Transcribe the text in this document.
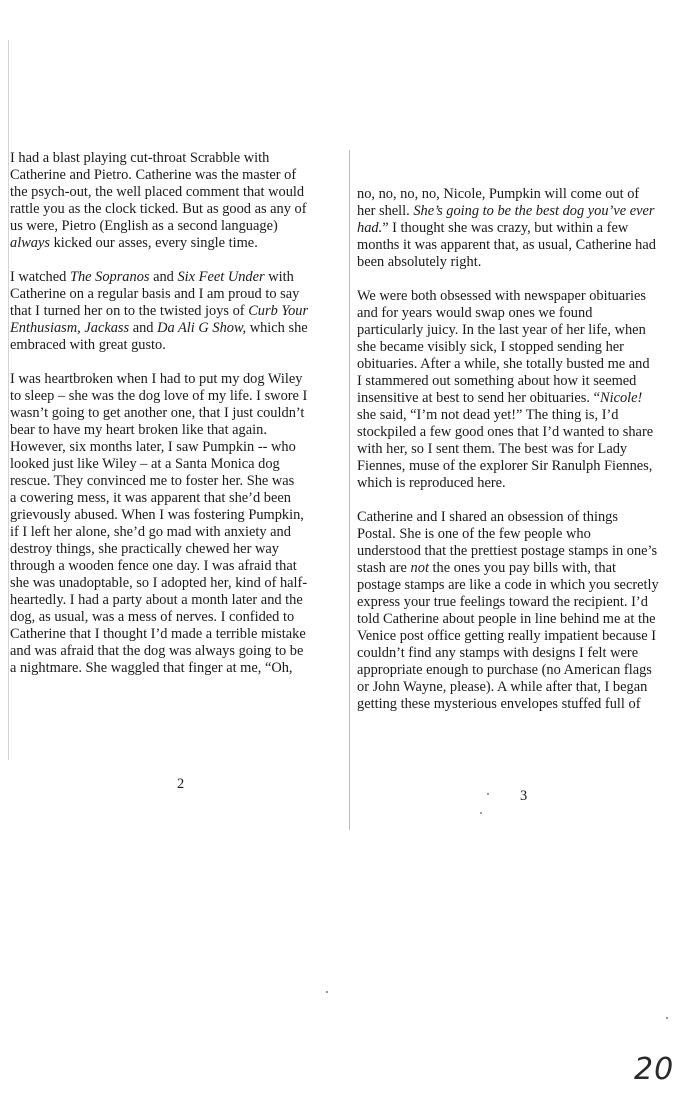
I had a blast playing cut-throat Scrabble with
Catherine and Pietro. Catherine was the master of
the psych-out, the well placed comment that would
rattle you as the clock ticked. But as good as any of
us were, Pietro (English as a second language)
always kicked our asses, every single time.
I watched The Sopranos and Six Feet Under with
Catherine on a regular basis and I am proud to say
that I turned her on to the twisted joys of Curb Your
Enthusiasm, Jackass and Da Ali G Show, which she
embraced with great gusto.
I was heartbroken when I had to put my dog Wiley
to sleep – she was the dog love of my life. I swore I
wasn’t going to get another one, that I just couldn’t
bear to have my heart broken like that again.
However, six months later, I saw Pumpkin -- who
looked just like Wiley – at a Santa Monica dog
rescue. They convinced me to foster her. She was
a cowering mess, it was apparent that she’d been
grievously abused. When I was fostering Pumpkin,
if I left her alone, she’d go mad with anxiety and
destroy things, she practically chewed her way
through a wooden fence one day. I was afraid that
she was unadoptable, so I adopted her, kind of half-
heartedly. I had a party about a month later and the
dog, as usual, was a mess of nerves. I confided to
Catherine that I thought I’d made a terrible mistake
and was afraid that the dog was always going to be
a nightmare. She waggled that finger at me, “Oh,
no, no, no, no, Nicole, Pumpkin will come out of
her shell. She’s going to be the best dog you’ve ever
had.” I thought she was crazy, but within a few
months it was apparent that, as usual, Catherine had
been absolutely right.
We were both obsessed with newspaper obituaries
and for years would swap ones we found
particularly juicy. In the last year of her life, when
she became visibly sick, I stopped sending her
obituaries. After a while, she totally busted me and
I stammered out something about how it seemed
insensitive at best to send her obituaries. “Nicole!
she said, “I’m not dead yet!” The thing is, I’d
stockpiled a few good ones that I’d wanted to share
with her, so I sent them. The best was for Lady
Fiennes, muse of the explorer Sir Ranulph Fiennes,
which is reproduced here.
Catherine and I shared an obsession of things
Postal. She is one of the few people who
understood that the prettiest postage stamps in one’s
stash are not the ones you pay bills with, that
postage stamps are like a code in which you secretly
express your true feelings toward the recipient. I’d
told Catherine about people in line behind me at the
Venice post office getting really impatient because I
couldn’t find any stamps with designs I felt were
appropriate enough to purchase (no American flags
or John Wayne, please). A while after that, I began
getting these mysterious envelopes stuffed full of
2
3
20
